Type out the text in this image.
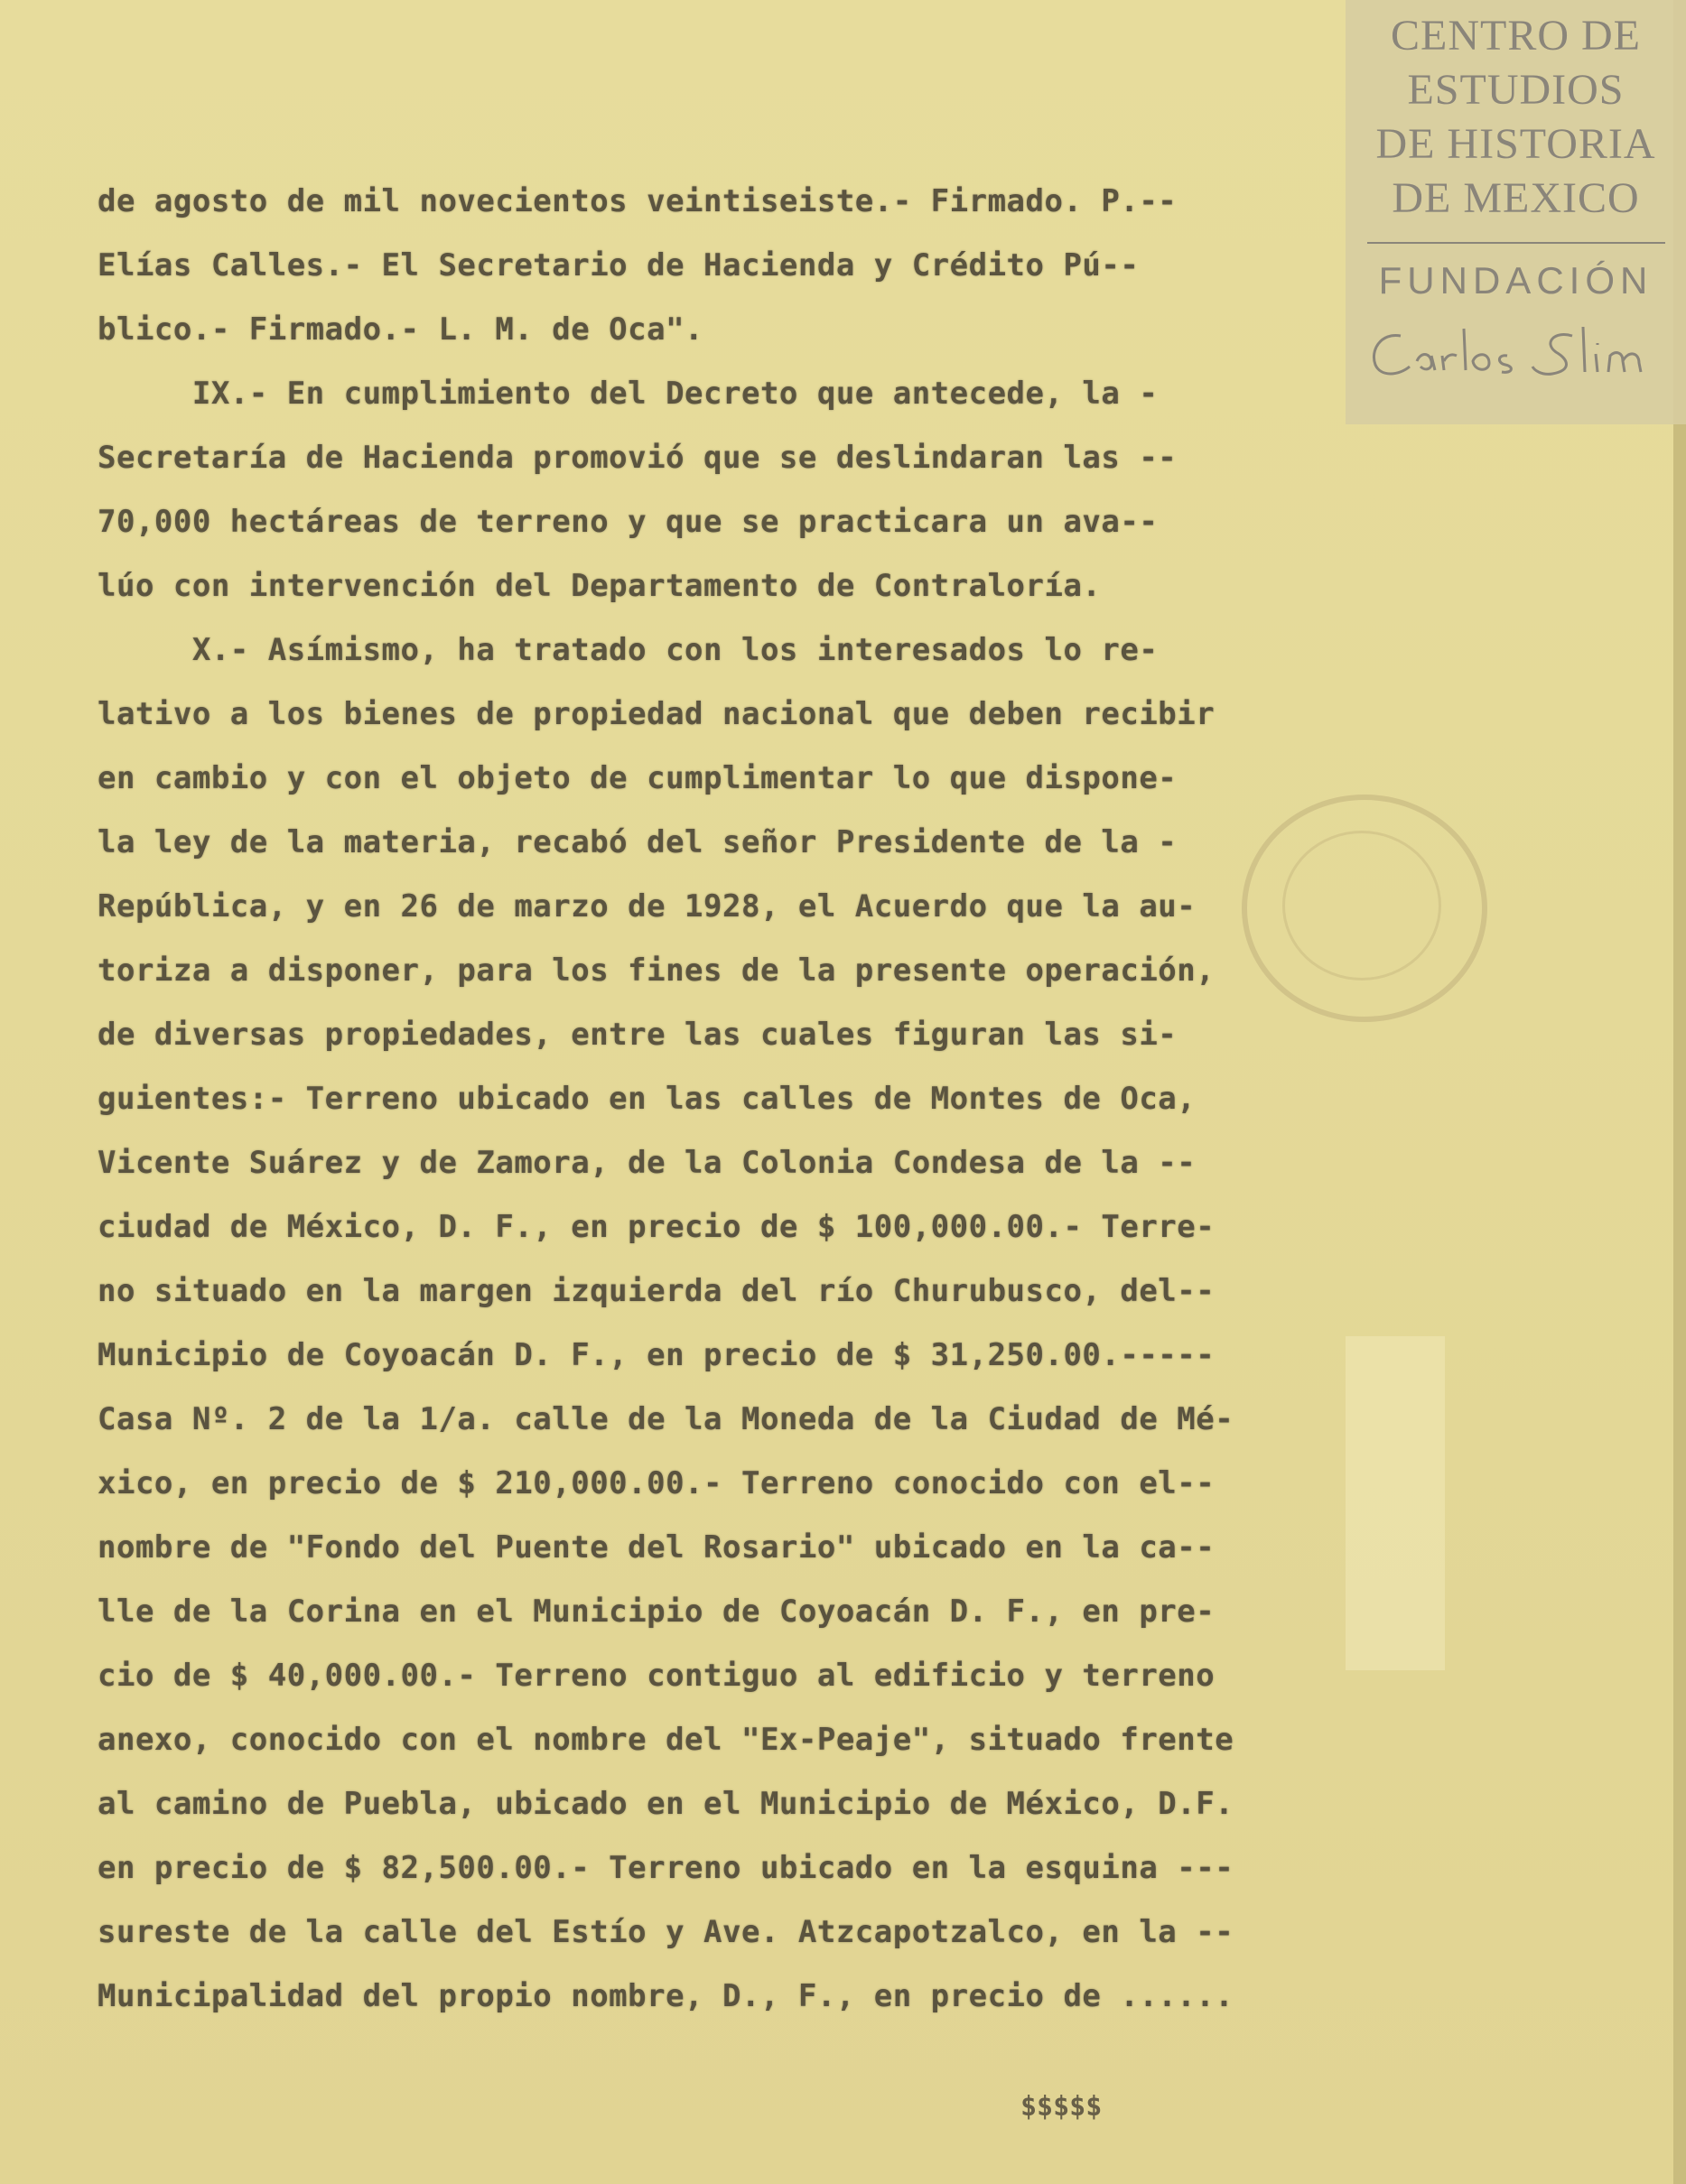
CENTRO DE
ESTUDIOS
DE HISTORIA
DE MEXICO
FUNDACIÓN
de agosto de mil novecientos veintiseiste.- Firmado. P.--
Elías Calles.- El Secretario de Hacienda y Crédito Pú--
blico.- Firmado.- L. M. de Oca".
IX.- En cumplimiento del Decreto que antecede, la -
Secretaría de Hacienda promovió que se deslindaran las --
70,000 hectáreas de terreno y que se practicara un ava--
lúo con intervención del Departamento de Contraloría.
X.- Asímismo, ha tratado con los interesados lo re-
lativo a los bienes de propiedad nacional que deben recibir
en cambio y con el objeto de cumplimentar lo que dispone-
la ley de la materia, recabó del señor Presidente de la -
República, y en 26 de marzo de 1928, el Acuerdo que la au-
toriza a disponer, para los fines de la presente operación,
de diversas propiedades, entre las cuales figuran las si-
guientes:- Terreno ubicado en las calles de Montes de Oca,
Vicente Suárez y de Zamora, de la Colonia Condesa de la --
ciudad de México, D. F., en precio de $ 100,000.00.- Terre-
no situado en la margen izquierda del río Churubusco, del--
Municipio de Coyoacán D. F., en precio de $ 31,250.00.-----
Casa Nº. 2 de la 1/a. calle de la Moneda de la Ciudad de Mé-
xico, en precio de $ 210,000.00.- Terreno conocido con el--
nombre de "Fondo del Puente del Rosario" ubicado en la ca--
lle de la Corina en el Municipio de Coyoacán D. F., en pre-
cio de $ 40,000.00.- Terreno contiguo al edificio y terreno
anexo, conocido con el nombre del "Ex-Peaje", situado frente
al camino de Puebla, ubicado en el Municipio de México, D.F.
en precio de $ 82,500.00.- Terreno ubicado en la esquina ---
sureste de la calle del Estío y Ave. Atzcapotzalco, en la --
Municipalidad del propio nombre, D., F., en precio de ......
$$$$$
